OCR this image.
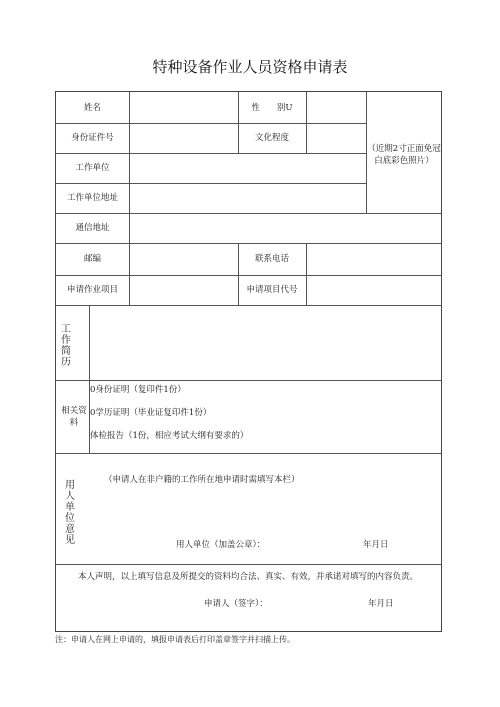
特种设备作业人员资格申请表
姓名	性　　别U
身份证件号	文化程度
工作单位
工作单位地址
通信地址
邮编	联系电话
申请作业项目	申请项目代号
（近期2寸正面免冠
白底彩色照片）
工作简历
相关资料
0身份证明（复印件1份）
0学历证明（毕业证复印件1份）
体检报告（1份，相应考试大纲有要求的）
用人单位意见
（申请人在非户籍的工作所在地申请时需填写本栏）
用人单位（加盖公章）：	年月日
本人声明，以上填写信息及所提交的资料均合法、真实、有效，并承诺对填写的内容负责。
申请人（签字）：	年月日
注：申请人在网上申请的，填报申请表后打印盖章签字并扫描上传。
